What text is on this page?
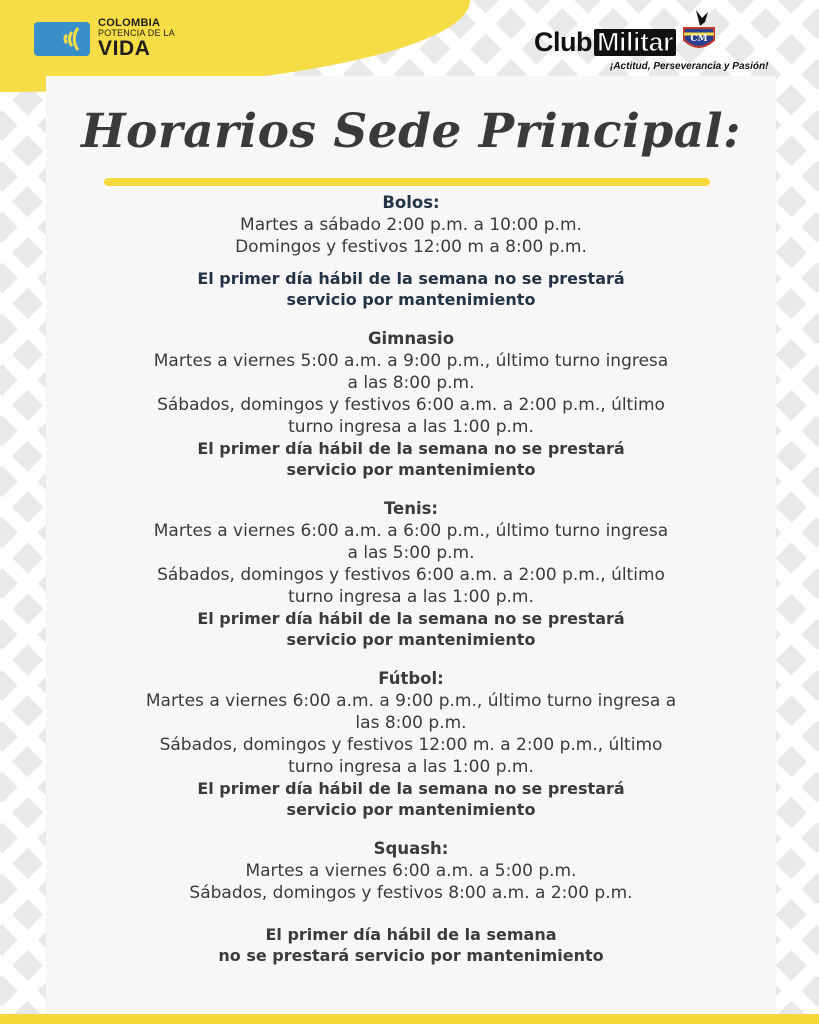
COLOMBIA
POTENCIA DE LA
VIDA	Club Militar	CM
¡Actitud, Perseverancia y Pasión!
Horarios Sede Principal:
Bolos:
Martes a sábado 2:00 p.m. a 10:00 p.m.
Domingos y festivos 12:00 m a 8:00 p.m.
El primer día hábil de la semana no se prestará
servicio por mantenimiento
Gimnasio
Martes a viernes 5:00 a.m. a 9:00 p.m., último turno ingresa
a las 8:00 p.m.
Sábados, domingos y festivos 6:00 a.m. a 2:00 p.m., último
turno ingresa a las 1:00 p.m.
El primer día hábil de la semana no se prestará
servicio por mantenimiento
Tenis:
Martes a viernes 6:00 a.m. a 6:00 p.m., último turno ingresa
a las 5:00 p.m.
Sábados, domingos y festivos 6:00 a.m. a 2:00 p.m., último
turno ingresa a las 1:00 p.m.
El primer día hábil de la semana no se prestará
servicio por mantenimiento
Fútbol:
Martes a viernes 6:00 a.m. a 9:00 p.m., último turno ingresa a
las 8:00 p.m.
Sábados, domingos y festivos 12:00 m. a 2:00 p.m., último
turno ingresa a las 1:00 p.m.
El primer día hábil de la semana no se prestará
servicio por mantenimiento
Squash:
Martes a viernes 6:00 a.m. a 5:00 p.m.
Sábados, domingos y festivos 8:00 a.m. a 2:00 p.m.
El primer día hábil de la semana
no se prestará servicio por mantenimiento
